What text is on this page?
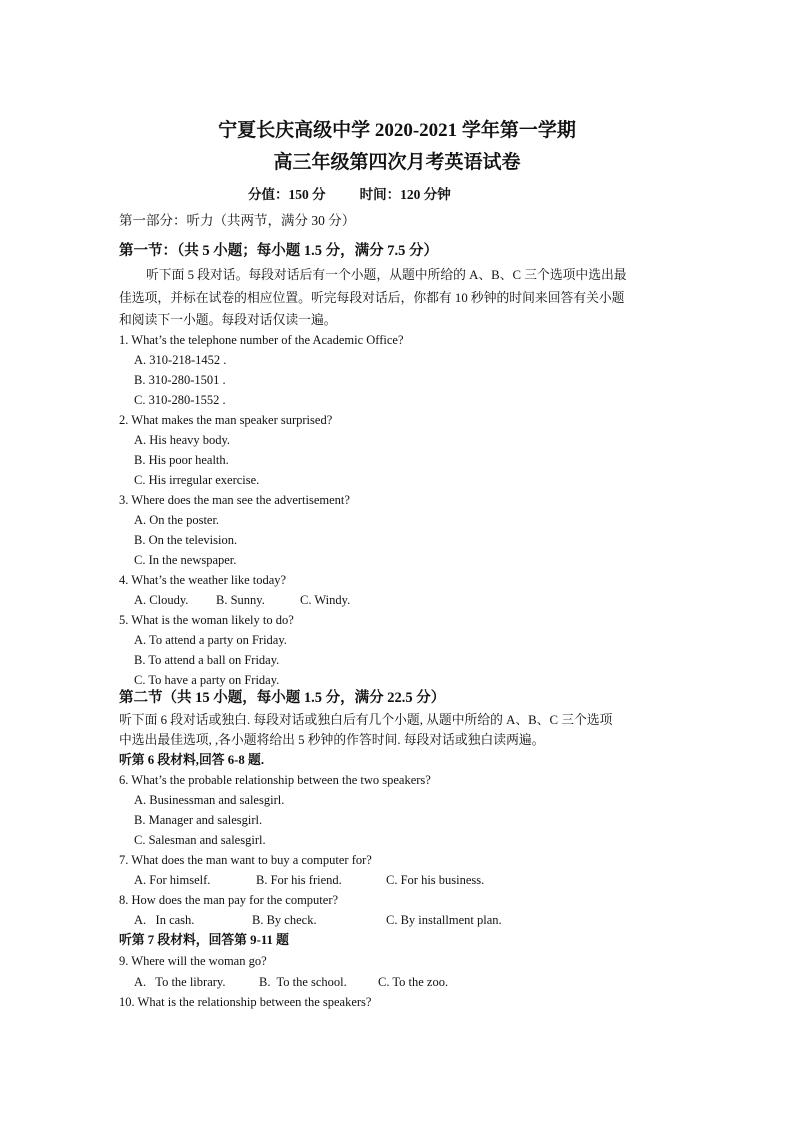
宁夏长庆高级中学 2020-2021 学年第一学期
高三年级第四次月考英语试卷
分值：150 分	时间：120 分钟
第一部分：听力（共两节，满分 30 分）
第一节：（共 5 小题；每小题 1.5 分，满分 7.5 分）
听下面 5 段对话。每段对话后有一个小题，从题中所给的 A、B、C 三个选项中选出最
佳选项，并标在试卷的相应位置。听完每段对话后，你都有 10 秒钟的时间来回答有关小题
和阅读下一小题。每段对话仅读一遍。
1. What’s the telephone number of the Academic Office?
A. 310-218-1452 .
B. 310-280-1501 .
C. 310-280-1552 .
2. What makes the man speaker surprised?
A. His heavy body.
B. His poor health.
C. His irregular exercise.
3. Where does the man see the advertisement?
A. On the poster.
B. On the television.
C. In the newspaper.
4. What’s the weather like today?
A. Cloudy. B. Sunny.	C. Windy.
5. What is the woman likely to do?
A. To attend a party on Friday.
B. To attend a ball on Friday.
C. To have a party on Friday.
第二节（共 15 小题，每小题 1.5 分，满分 22.5 分）
听下面 6 段对话或独白. 每段对话或独白后有几个小题, 从题中所给的 A、B、C 三个选项
中选出最佳选项, ,各小题将给出 5 秒钟的作答时间. 每段对话或独白读两遍。
听第 6 段材料,回答 6-8 题.
6. What’s the probable relationship between the two speakers?
A. Businessman and salesgirl.
B. Manager and salesgirl.
C. Salesman and salesgirl.
7. What does the man want to buy a computer for?
A. For himself.	B. For his friend.	C. For his business.
8. How does the man pay for the computer?
A.   In cash.	B. By check.	C. By installment plan.
听第 7 段材料，回答第 9-11 题
9. Where will the woman go?
A.   To the library.	B.  To the school. C. To the zoo.
10. What is the relationship between the speakers?
